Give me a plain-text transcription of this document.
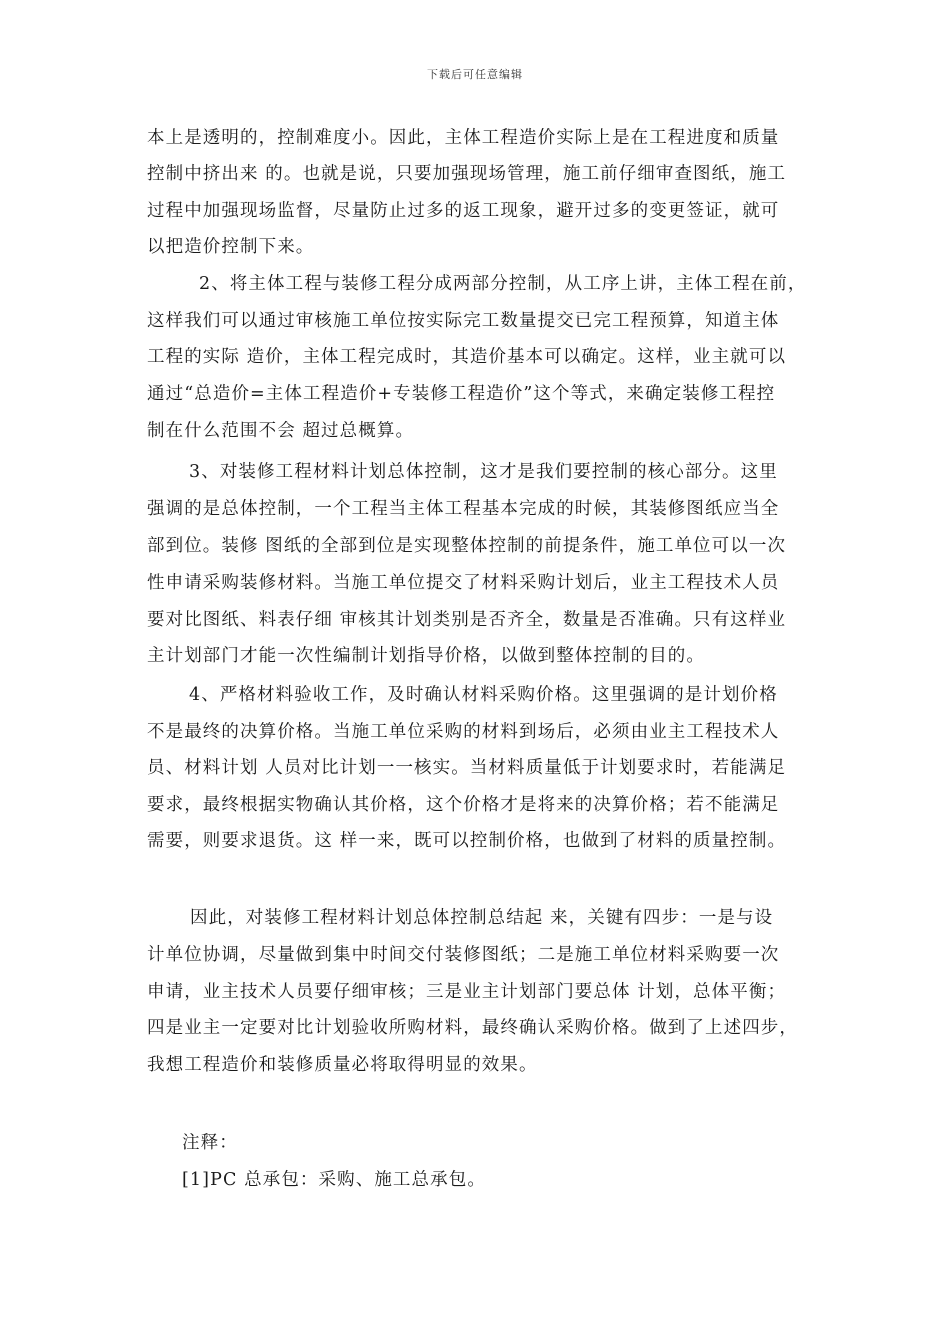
下载后可任意编辑
本上是透明的，控制难度小。因此，主体工程造价实际上是在工程进度和质量
控制中挤出来 的。也就是说，只要加强现场管理，施工前仔细审查图纸，施工
过程中加强现场监督，尽量防止过多的返工现象，避开过多的变更签证，就可
以把造价控制下来。
2、将主体工程与装修工程分成两部分控制，从工序上讲，主体工程在前，
这样我们可以通过审核施工单位按实际完工数量提交已完工程预算，知道主体
工程的实际 造价，主体工程完成时，其造价基本可以确定。这样，业主就可以
通过“总造价=主体工程造价+专装修工程造价”这个等式，来确定装修工程控
制在什么范围不会 超过总概算。
3、对装修工程材料计划总体控制，这才是我们要控制的核心部分。这里
强调的是总体控制，一个工程当主体工程基本完成的时候，其装修图纸应当全
部到位。装修 图纸的全部到位是实现整体控制的前提条件，施工单位可以一次
性申请采购装修材料。当施工单位提交了材料采购计划后，业主工程技术人员
要对比图纸、料表仔细 审核其计划类别是否齐全，数量是否准确。只有这样业
主计划部门才能一次性编制计划指导价格，以做到整体控制的目的。
4、严格材料验收工作，及时确认材料采购价格。这里强调的是计划价格
不是最终的决算价格。当施工单位采购的材料到场后，必须由业主工程技术人
员、材料计划 人员对比计划一一核实。当材料质量低于计划要求时，若能满足
要求，最终根据实物确认其价格，这个价格才是将来的决算价格；若不能满足
需要，则要求退货。这 样一来，既可以控制价格，也做到了材料的质量控制。
因此，对装修工程材料计划总体控制总结起 来，关键有四步：一是与设
计单位协调，尽量做到集中时间交付装修图纸；二是施工单位材料采购要一次
申请，业主技术人员要仔细审核；三是业主计划部门要总体 计划，总体平衡；
四是业主一定要对比计划验收所购材料，最终确认采购价格。做到了上述四步，
我想工程造价和装修质量必将取得明显的效果。
注释：
[1]PC 总承包：采购、施工总承包。
